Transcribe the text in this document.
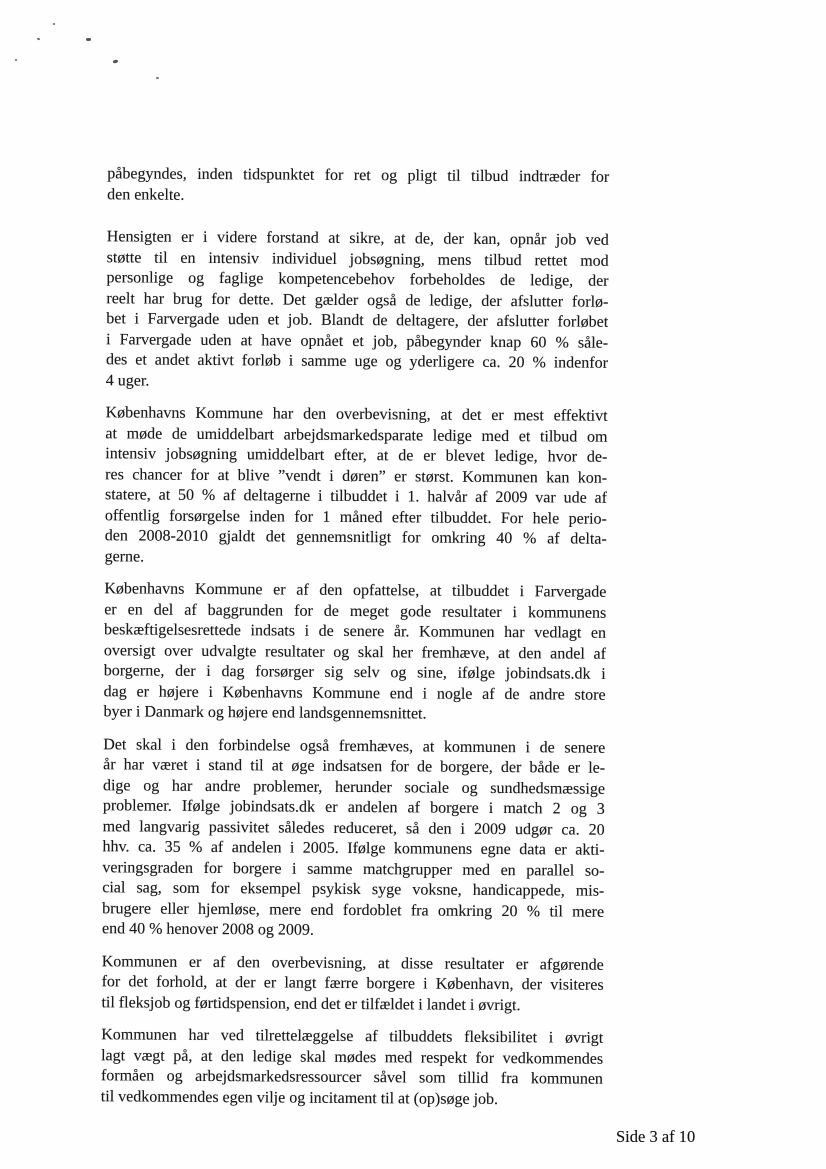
påbegyndes, inden tidspunktet for ret og pligt til tilbud indtræder for
den enkelte.
Hensigten er i videre forstand at sikre, at de, der kan, opnår job ved
støtte til en intensiv individuel jobsøgning, mens tilbud rettet mod
personlige og faglige kompetencebehov forbeholdes de ledige, der
reelt har brug for dette. Det gælder også de ledige, der afslutter forlø-
bet i Farvergade uden et job. Blandt de deltagere, der afslutter forløbet
i Farvergade uden at have opnået et job, påbegynder knap 60 % såle-
des et andet aktivt forløb i samme uge og yderligere ca. 20 % indenfor
4 uger.
Københavns Kommune har den overbevisning, at det er mest effektivt
at møde de umiddelbart arbejdsmarkedsparate ledige med et tilbud om
intensiv jobsøgning umiddelbart efter, at de er blevet ledige, hvor de-
res chancer for at blive ”vendt i døren” er størst. Kommunen kan kon-
statere, at 50 % af deltagerne i tilbuddet i 1. halvår af 2009 var ude af
offentlig forsørgelse inden for 1 måned efter tilbuddet. For hele perio-
den 2008-2010 gjaldt det gennemsnitligt for omkring 40 % af delta-
gerne.
Københavns Kommune er af den opfattelse, at tilbuddet i Farvergade
er en del af baggrunden for de meget gode resultater i kommunens
beskæftigelsesrettede indsats i de senere år. Kommunen har vedlagt en
oversigt over udvalgte resultater og skal her fremhæve, at den andel af
borgerne, der i dag forsørger sig selv og sine, ifølge jobindsats.dk i
dag er højere i Københavns Kommune end i nogle af de andre store
byer i Danmark og højere end landsgennemsnittet.
Det skal i den forbindelse også fremhæves, at kommunen i de senere
år har været i stand til at øge indsatsen for de borgere, der både er le-
dige og har andre problemer, herunder sociale og sundhedsmæssige
problemer. Ifølge jobindsats.dk er andelen af borgere i match 2 og 3
med langvarig passivitet således reduceret, så den i 2009 udgør ca. 20
hhv. ca. 35 % af andelen i 2005. Ifølge kommunens egne data er akti-
veringsgraden for borgere i samme matchgrupper med en parallel so-
cial sag, som for eksempel psykisk syge voksne, handicappede, mis-
brugere eller hjemløse, mere end fordoblet fra omkring 20 % til mere
end 40 % henover 2008 og 2009.
Kommunen er af den overbevisning, at disse resultater er afgørende
for det forhold, at der er langt færre borgere i København, der visiteres
til fleksjob og førtidspension, end det er tilfældet i landet i øvrigt.
Kommunen har ved tilrettelæggelse af tilbuddets fleksibilitet i øvrigt
lagt vægt på, at den ledige skal mødes med respekt for vedkommendes
formåen og arbejdsmarkedsressourcer såvel som tillid fra kommunen
til vedkommendes egen vilje og incitament til at (op)søge job.
Side 3 af 10
